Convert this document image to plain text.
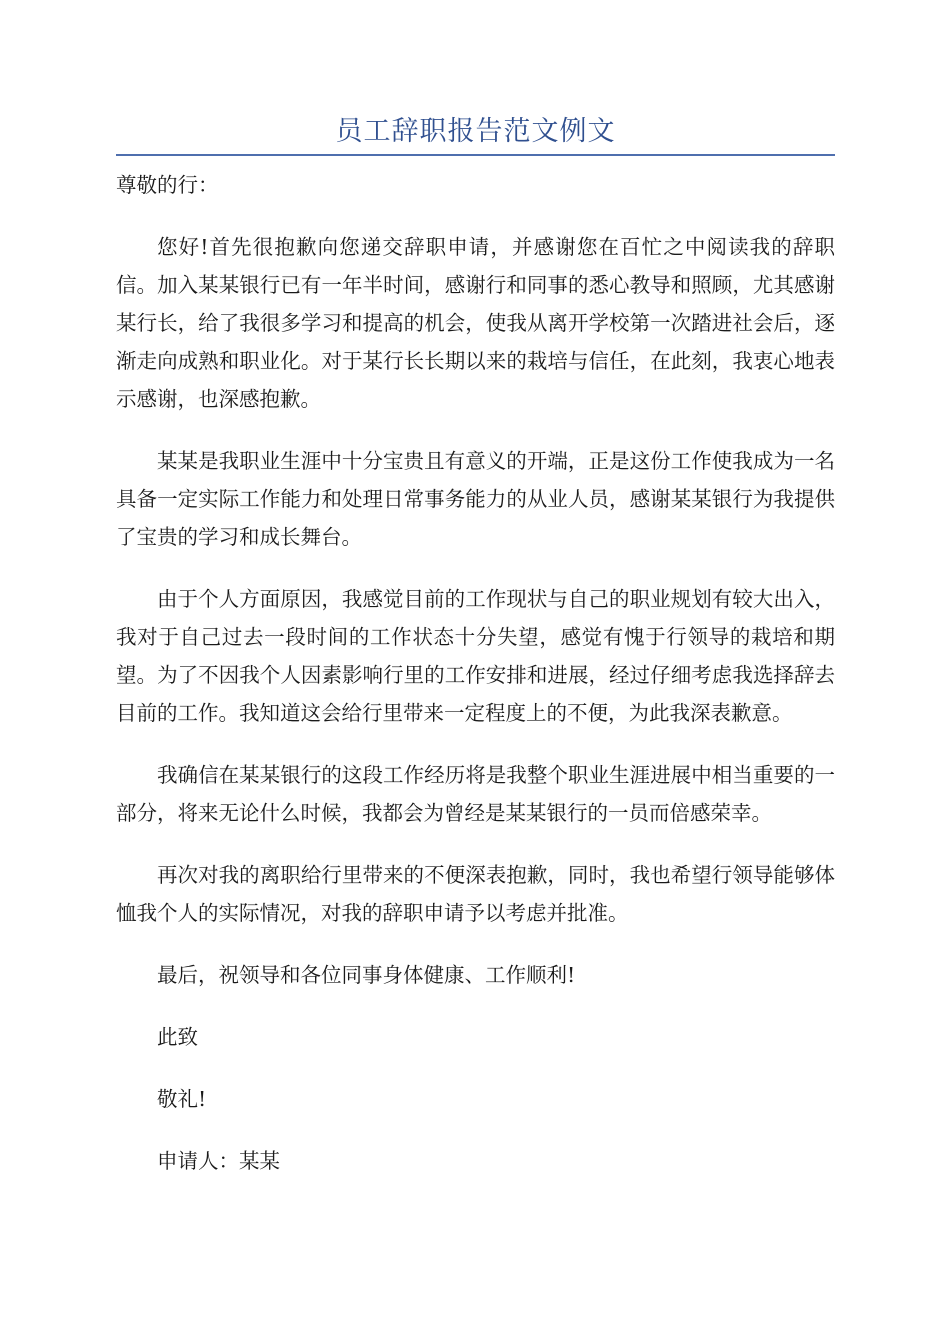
员工辞职报告范文例文

尊敬的行：

您好!首先很抱歉向您递交辞职申请，并感谢您在百忙之中阅读我的辞职信。加入某某银行已有一年半时间，感谢行和同事的悉心教导和照顾，尤其感谢某行长，给了我很多学习和提高的机会，使我从离开学校第一次踏进社会后，逐渐走向成熟和职业化。对于某行长长期以来的栽培与信任，在此刻，我衷心地表示感谢，也深感抱歉。

某某是我职业生涯中十分宝贵且有意义的开端，正是这份工作使我成为一名具备一定实际工作能力和处理日常事务能力的从业人员，感谢某某银行为我提供了宝贵的学习和成长舞台。

由于个人方面原因，我感觉目前的工作现状与自己的职业规划有较大出入，我对于自己过去一段时间的工作状态十分失望，感觉有愧于行领导的栽培和期望。为了不因我个人因素影响行里的工作安排和进展，经过仔细考虑我选择辞去目前的工作。我知道这会给行里带来一定程度上的不便，为此我深表歉意。

我确信在某某银行的这段工作经历将是我整个职业生涯进展中相当重要的一部分，将来无论什么时候，我都会为曾经是某某银行的一员而倍感荣幸。

再次对我的离职给行里带来的不便深表抱歉，同时，我也希望行领导能够体恤我个人的实际情况，对我的辞职申请予以考虑并批准。

最后，祝领导和各位同事身体健康、工作顺利!

此致

敬礼!

申请人：某某
